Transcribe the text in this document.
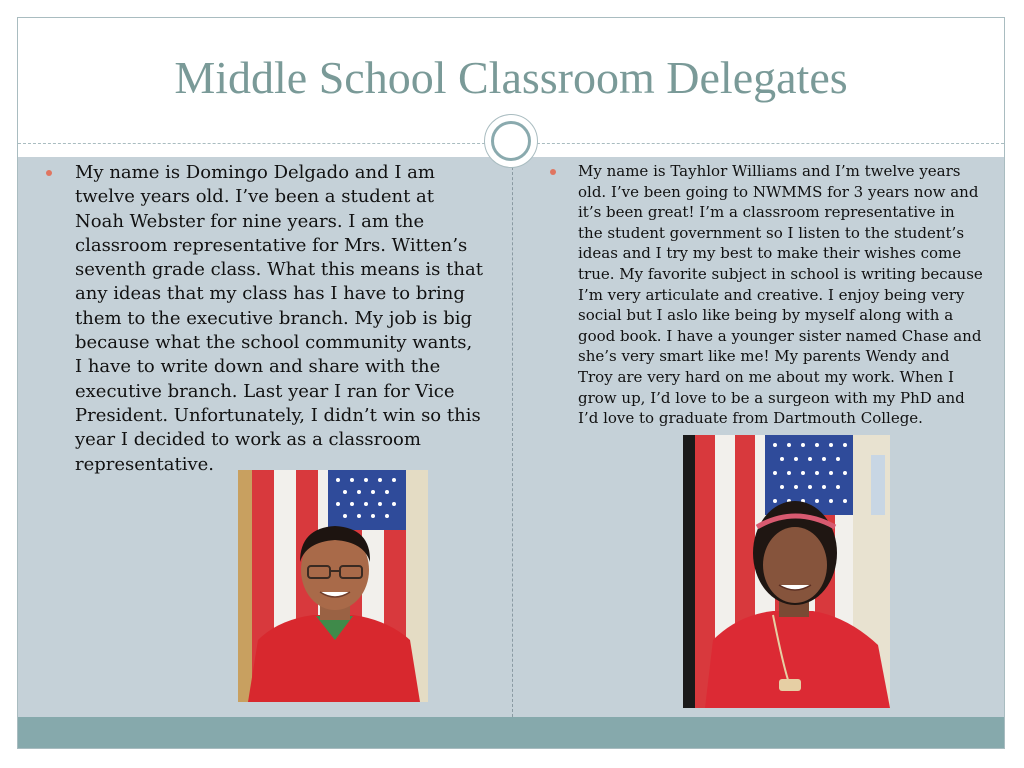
Middle School Classroom Delegates
My name is Domingo Delgado and I am twelve years old. I’ve been a student at Noah Webster for nine years. I am the classroom representative for Mrs. Witten’s seventh grade class. What this means is that any ideas that my class has I have to bring them to the executive branch. My job is big because what the school community wants, I have to write down and share with the executive branch. Last year I ran for Vice President. Unfortunately, I didn’t win so this year I decided to work as a classroom representative.
My name is Tayhlor Williams and I’m twelve years old. I’ve been going to NWMMS for 3 years now and it’s been great! I’m a classroom representative in the student government so I listen to the student’s ideas and I try my best to make their wishes come true. My favorite subject in school is writing because I’m very articulate and creative. I enjoy being very social but I aslo like being by myself along with a good book. I have a younger sister named Chase and she’s very smart like me! My parents Wendy and Troy are very hard on me about my work. When I grow up, I’d love to be a surgeon with my PhD and I’d love to graduate from Dartmouth College.
